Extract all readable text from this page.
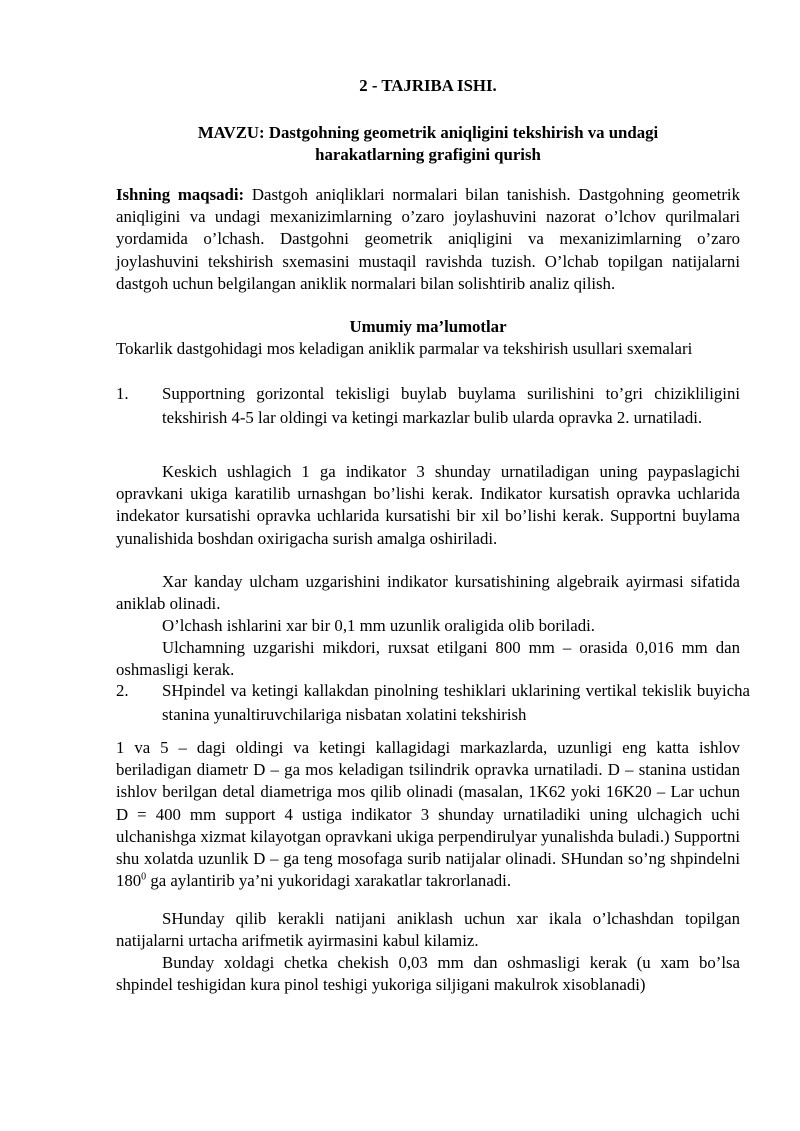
2 - TAJRIBA ISHI.

MAVZU: Dastgohning geometrik aniqligini tekshirish va undagi
harakatlarning grafigini qurish

Ishning maqsadi: Dastgoh aniqliklari normalari bilan tanishish. Dastgohning geometrik aniqligini va undagi mexanizimlarning o’zaro joylashuvini nazorat o’lchov qurilmalari yordamida o’lchash. Dastgohni geometrik aniqligini va mexanizimlarning o’zaro joylashuvini tekshirish sxemasini mustaqil ravishda tuzish. O’lchab topilgan natijalarni dastgoh uchun belgilangan aniklik normalari bilan solishtirib analiz qilish.

Umumiy ma’lumotlar

Tokarlik dastgohidagi mos keladigan aniklik parmalar va tekshirish usullari sxemalari

1.	Supportning gorizontal tekisligi buylab buylama surilishini to’gri chizikliligini tekshirish 4-5 lar oldingi va ketingi markazlar bulib ularda opravka 2. urnatiladi.

Keskich ushlagich 1 ga indikator 3 shunday urnatiladigan uning paypaslagichi opravkani ukiga karatilib urnashgan bo’lishi kerak. Indikator kursatish opravka uchlarida indekator kursatishi opravka uchlarida kursatishi bir xil bo’lishi kerak. Supportni buylama yunalishida boshdan oxirigacha surish amalga oshiriladi.

Xar kanday ulcham uzgarishini indikator kursatishining algebraik ayirmasi sifatida aniklab olinadi.

O’lchash ishlarini xar bir 0,1 mm uzunlik oraligida olib boriladi.

Ulchamning uzgarishi mikdori, ruxsat etilgani 800 mm – orasida 0,016 mm dan oshmasligi kerak.

2.	SHpindel va ketingi kallakdan pinolning teshiklari uklarining vertikal tekislik buyicha stanina yunaltiruvchilariga nisbatan xolatini tekshirish

1 va 5 – dagi oldingi va ketingi kallagidagi markazlarda, uzunligi eng katta ishlov beriladigan diametr D – ga mos keladigan tsilindrik opravka urnatiladi. D – stanina ustidan ishlov berilgan detal diametriga mos qilib olinadi (masalan, 1K62 yoki 16K20 – Lar uchun D = 400 mm support 4 ustiga indikator 3 shunday urnatiladiki uning ulchagich uchi ulchanishga xizmat kilayotgan opravkani ukiga perpendirulyar yunalishda buladi.) Supportni shu xolatda uzunlik D – ga teng mosofaga surib natijalar olinadi. SHundan so’ng shpindelni $180^0$ ga aylantirib ya’ni yukoridagi xarakatlar takrorlanadi.

SHunday qilib kerakli natijani aniklash uchun xar ikala o’lchashdan topilgan natijalarni urtacha arifmetik ayirmasini kabul kilamiz.

Bunday xoldagi chetka chekish 0,03 mm dan oshmasligi kerak (u xam bo’lsa shpindel teshigidan kura pinol teshigi yukoriga siljigani makulrok xisoblanadi)
